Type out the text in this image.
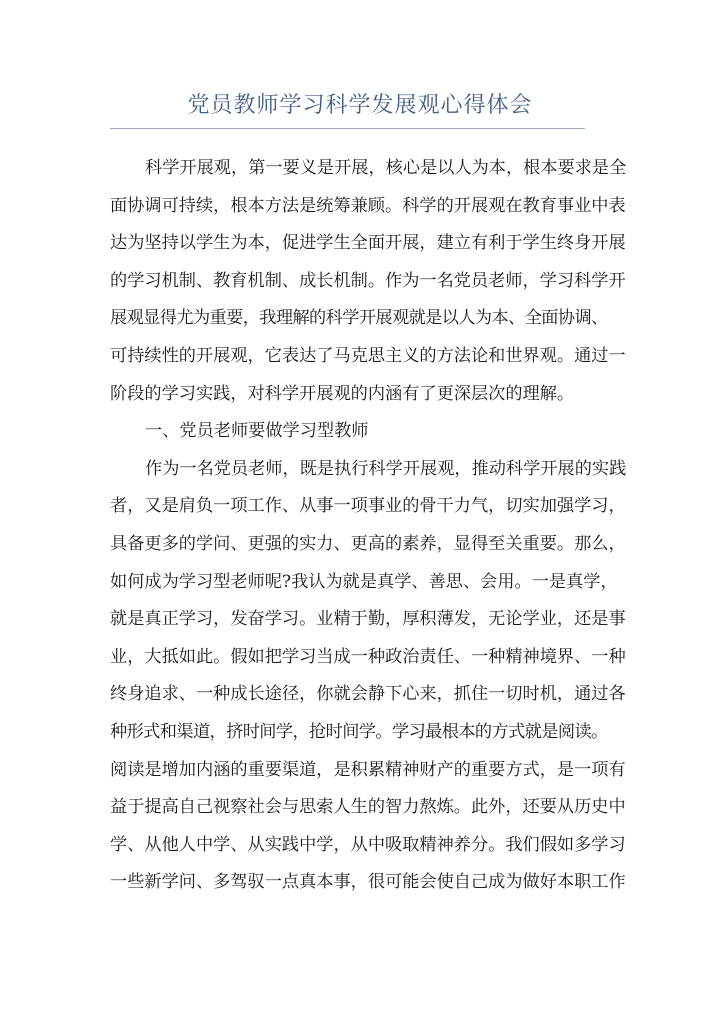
党员教师学习科学发展观心得体会
科学开展观，第一要义是开展，核心是以人为本，根本要求是全
面协调可持续，根本方法是统筹兼顾。科学的开展观在教育事业中表
达为坚持以学生为本，促进学生全面开展，建立有利于学生终身开展
的学习机制、教育机制、成长机制。作为一名党员老师，学习科学开
展观显得尤为重要，我理解的科学开展观就是以人为本、全面协调、
可持续性的开展观，它表达了马克思主义的方法论和世界观。通过一
阶段的学习实践，对科学开展观的内涵有了更深层次的理解。
一、党员老师要做学习型教师
作为一名党员老师，既是执行科学开展观，推动科学开展的实践
者，又是肩负一项工作、从事一项事业的骨干力气，切实加强学习，
具备更多的学问、更强的实力、更高的素养，显得至关重要。那么，
如何成为学习型老师呢?我认为就是真学、善思、会用。一是真学，
就是真正学习，发奋学习。业精于勤，厚积薄发，无论学业，还是事
业，大抵如此。假如把学习当成一种政治责任、一种精神境界、一种
终身追求、一种成长途径，你就会静下心来，抓住一切时机，通过各
种形式和渠道，挤时间学，抢时间学。学习最根本的方式就是阅读。
阅读是增加内涵的重要渠道，是积累精神财产的重要方式，是一项有
益于提高自己视察社会与思索人生的智力熬炼。此外，还要从历史中
学、从他人中学、从实践中学，从中吸取精神养分。我们假如多学习
一些新学问、多驾驭一点真本事，很可能会使自己成为做好本职工作
